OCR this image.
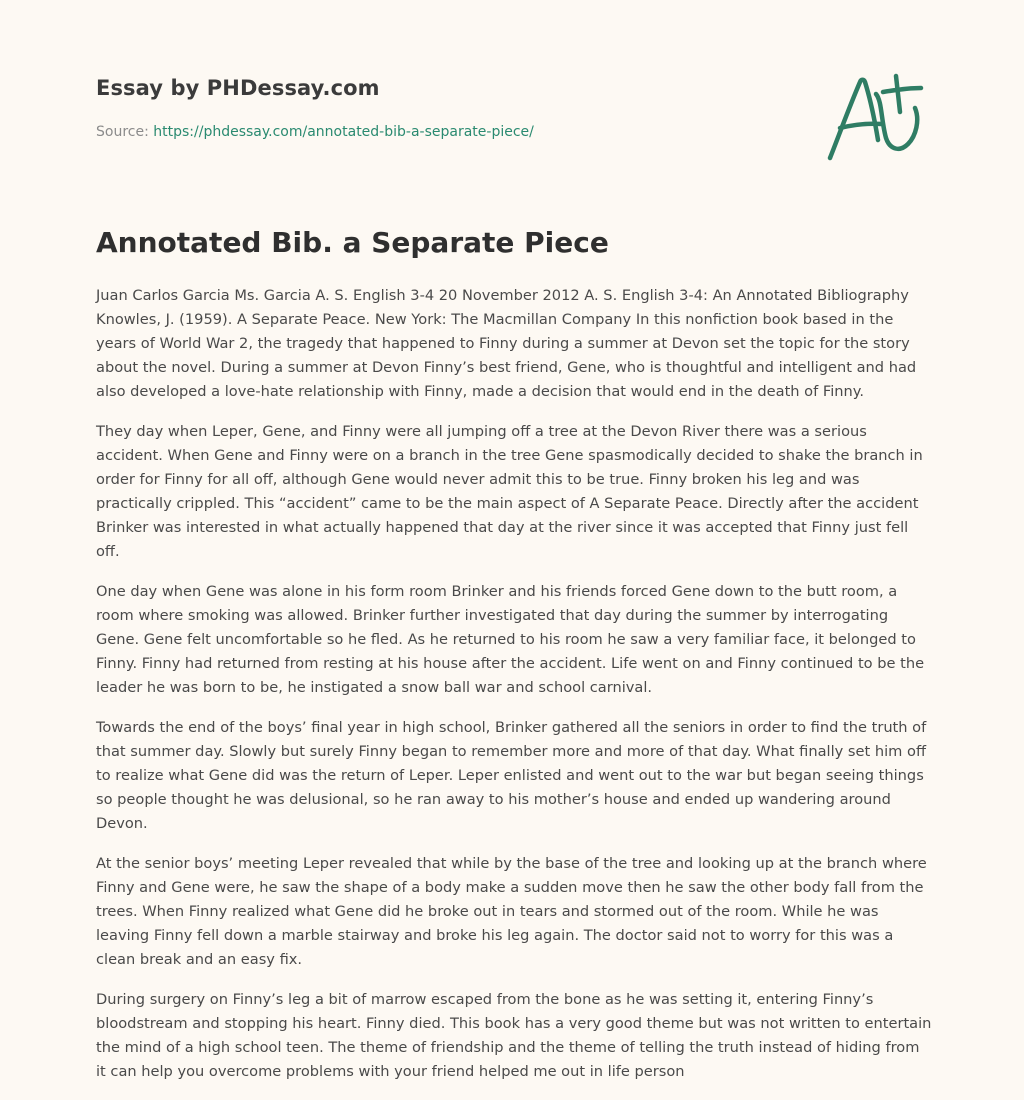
Essay by PHDessay.com
Source: https://phdessay.com/annotated-bib-a-separate-piece/
Annotated Bib. a Separate Piece

Juan Carlos Garcia Ms. Garcia A. S. English 3-4 20 November 2012 A. S. English 3-4: An Annotated Bibliography Knowles, J. (1959). A Separate Peace. New York: The Macmillan Company In this nonfiction book based in the years of World War 2, the tragedy that happened to Finny during a summer at Devon set the topic for the story about the novel. During a summer at Devon Finny’s best friend, Gene, who is thoughtful and intelligent and had also developed a love-hate relationship with Finny, made a decision that would end in the death of Finny.

They day when Leper, Gene, and Finny were all jumping off a tree at the Devon River there was a serious accident. When Gene and Finny were on a branch in the tree Gene spasmodically decided to shake the branch in order for Finny for all off, although Gene would never admit this to be true. Finny broken his leg and was practically crippled. This “accident” came to be the main aspect of A Separate Peace. Directly after the accident Brinker was interested in what actually happened that day at the river since it was accepted that Finny just fell off.

One day when Gene was alone in his form room Brinker and his friends forced Gene down to the butt room, a room where smoking was allowed. Brinker further investigated that day during the summer by interrogating Gene. Gene felt uncomfortable so he fled. As he returned to his room he saw a very familiar face, it belonged to Finny. Finny had returned from resting at his house after the accident. Life went on and Finny continued to be the leader he was born to be, he instigated a snow ball war and school carnival.

Towards the end of the boys’ final year in high school, Brinker gathered all the seniors in order to find the truth of that summer day. Slowly but surely Finny began to remember more and more of that day. What finally set him off to realize what Gene did was the return of Leper. Leper enlisted and went out to the war but began seeing things so people thought he was delusional, so he ran away to his mother’s house and ended up wandering around Devon.

At the senior boys’ meeting Leper revealed that while by the base of the tree and looking up at the branch where Finny and Gene were, he saw the shape of a body make a sudden move then he saw the other body fall from the trees. When Finny realized what Gene did he broke out in tears and stormed out of the room. While he was leaving Finny fell down a marble stairway and broke his leg again. The doctor said not to worry for this was a clean break and an easy fix.

During surgery on Finny’s leg a bit of marrow escaped from the bone as he was setting it, entering Finny’s bloodstream and stopping his heart. Finny died. This book has a very good theme but was not written to entertain the mind of a high school teen. The theme of friendship and the theme of telling the truth instead of hiding from it can help you overcome problems with your friend helped me out in life person
